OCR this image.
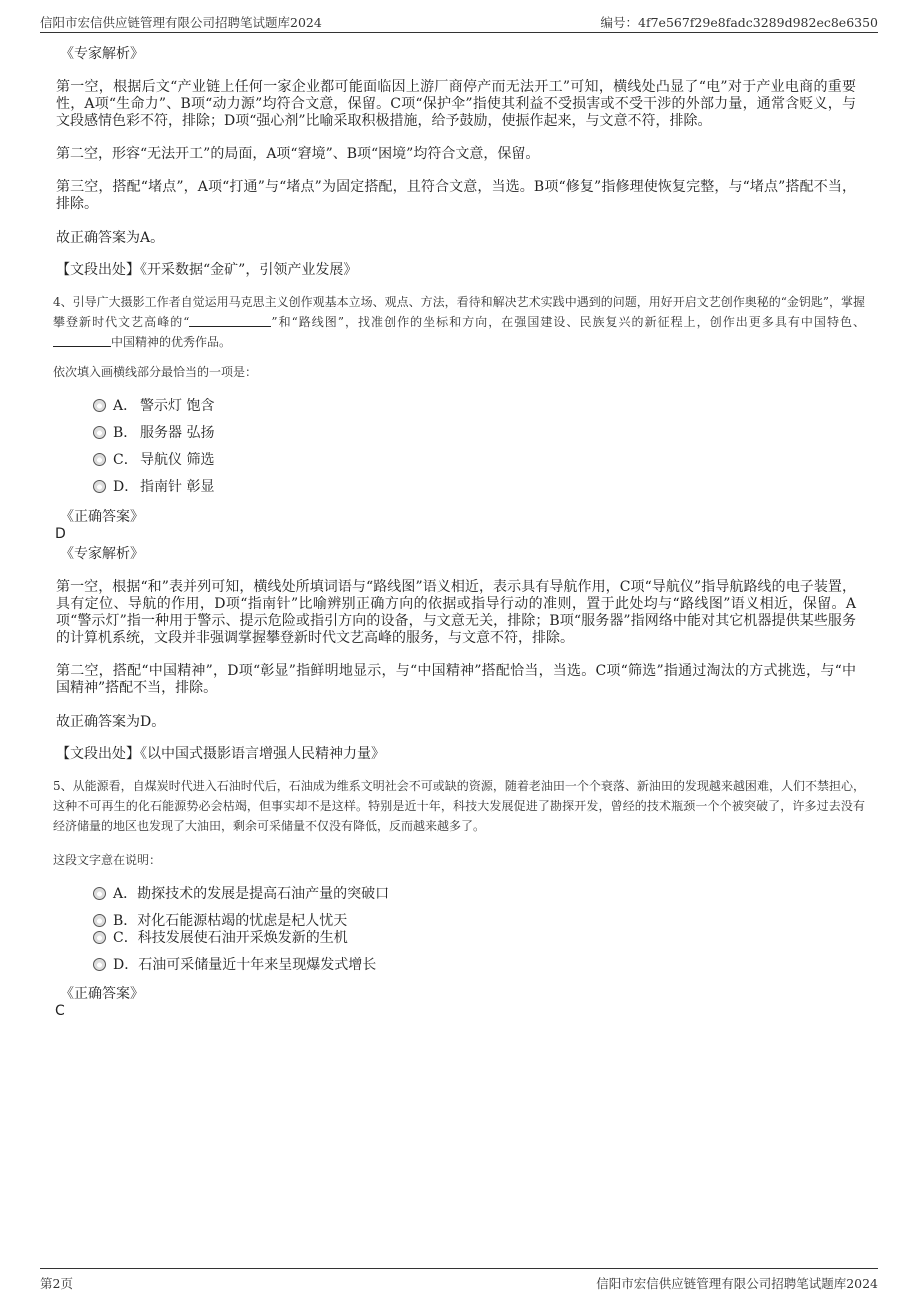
信阳市宏信供应链管理有限公司招聘笔试题库2024	编号：4f7e567f29e8fadc3289d982ec8e6350
《专家解析》

第一空，根据后文“产业链上任何一家企业都可能面临因上游厂商停产而无法开工”可知，横线处凸显了“电”对于产业电商的重要性，A项“生命力”、B项“动力源”均符合文意，保留。C项“保护伞”指使其利益不受损害或不受干涉的外部力量，通常含贬义，与文段感情色彩不符，排除；D项“强心剂”比喻采取积极措施，给予鼓励，使振作起来，与文意不符，排除。

第二空，形容“无法开工”的局面，A项“窘境”、B项“困境”均符合文意，保留。

第三空，搭配“堵点”，A项“打通”与“堵点”为固定搭配，且符合文意，当选。B项“修复”指修理使恢复完整，与“堵点”搭配不当，排除。

故正确答案为A。
【文段出处】《开采数据“金矿”，引领产业发展》

4、引导广大摄影工作者自觉运用马克思主义创作观基本立场、观点、方法，看待和解决艺术实践中遇到的问题，用好开启文艺创作奥秘的“金钥匙”，掌握攀登新时代文艺高峰的“	”和“路线图”，找准创作的坐标和方向，在强国建设、民族复兴的新征程上，创作出更多具有中国特色、中国精神的优秀作品。

依次填入画横线部分最恰当的一项是：
A． 警示灯 饱含
B． 服务器 弘扬
C． 导航仪 筛选
D． 指南针 彰显
《正确答案》
D
《专家解析》

第一空，根据“和”表并列可知，横线处所填词语与“路线图”语义相近，表示具有导航作用，C项“导航仪”指导航路线的电子装置，具有定位、导航的作用，D项“指南针”比喻辨别正确方向的依据或指导行动的准则，置于此处均与“路线图”语义相近，保留。A项“警示灯”指一种用于警示、提示危险或指引方向的设备，与文意无关，排除；B项“服务器”指网络中能对其它机器提供某些服务的计算机系统，文段并非强调掌握攀登新时代文艺高峰的服务，与文意不符，排除。

第二空，搭配“中国精神”，D项“彰显”指鲜明地显示，与“中国精神”搭配恰当，当选。C项“筛选”指通过淘汰的方式挑选，与“中国精神”搭配不当，排除。

故正确答案为D。
【文段出处】《以中国式摄影语言增强人民精神力量》

5、从能源看，自煤炭时代进入石油时代后，石油成为维系文明社会不可或缺的资源，随着老油田一个个衰落、新油田的发现越来越困难，人们不禁担心，这种不可再生的化石能源势必会枯竭，但事实却不是这样。特别是近十年，科技大发展促进了勘探开发，曾经的技术瓶颈一个个被突破了，许多过去没有经济储量的地区也发现了大油田，剩余可采储量不仅没有降低，反而越来越多了。

这段文字意在说明：
A．勘探技术的发展是提高石油产量的突破口
B．对化石能源枯竭的忧虑是杞人忧天
C．科技发展使石油开采焕发新的生机
D．石油可采储量近十年来呈现爆发式增长
《正确答案》
C
第2页	信阳市宏信供应链管理有限公司招聘笔试题库2024
